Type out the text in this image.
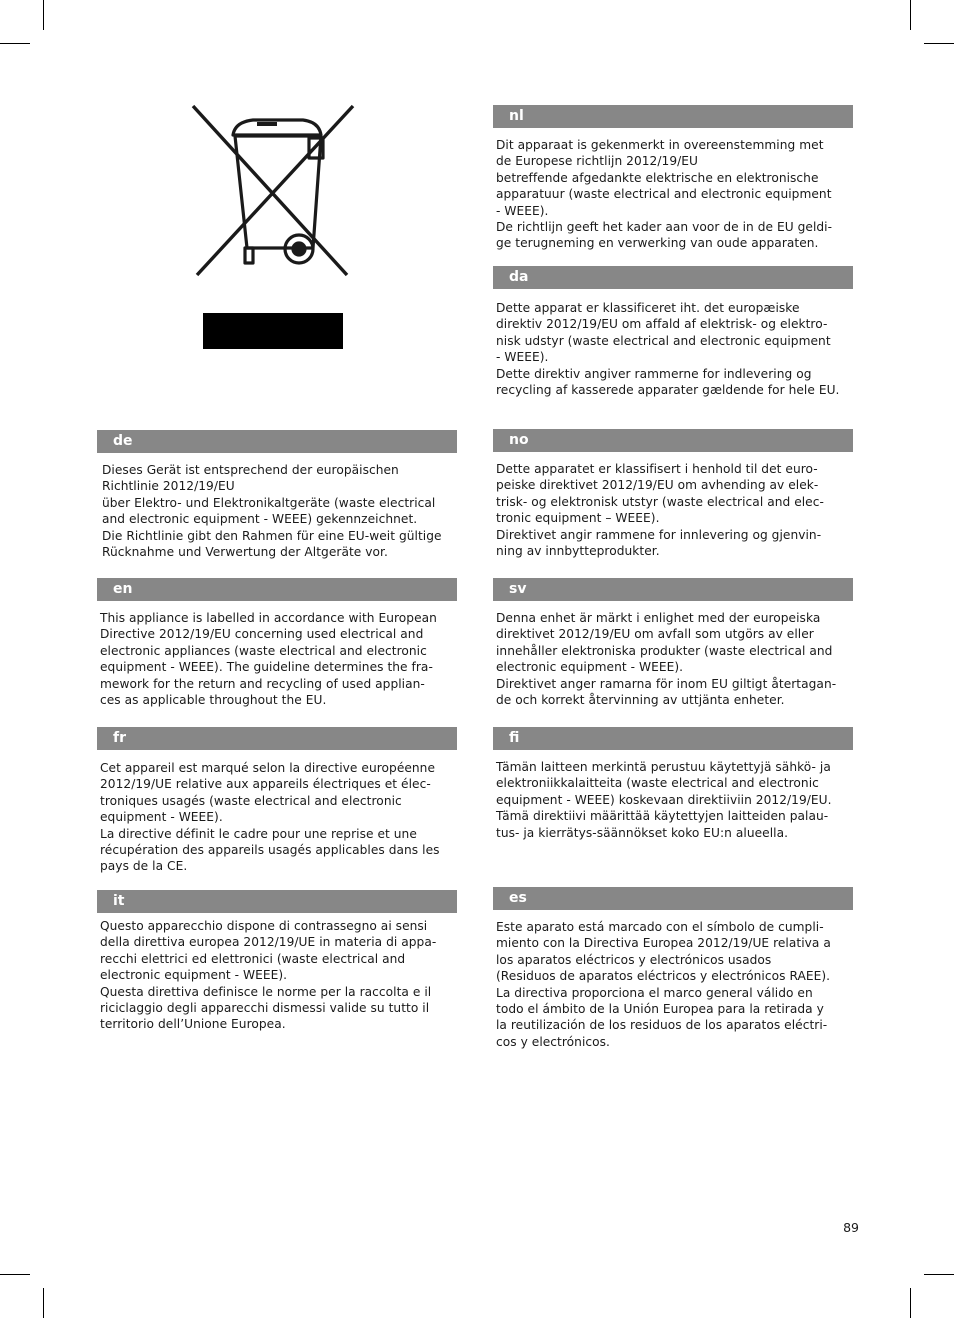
nl

Dit apparaat is gekenmerkt in overeenstemming met

de Europese richtlijn 2012/19/EU

betreffende afgedankte elektrische en elektronische

apparatuur (waste electrical and electronic equipment

- WEEE).

De richtlijn geeft het kader aan voor de in de EU geldi-

ge terugneming en verwerking van oude apparaten.

da

Dette apparat er klassificeret iht. det europæiske

direktiv 2012/19/EU om affald af elektrisk- og elektro-

nisk udstyr (waste electrical and electronic equipment

- WEEE).

Dette direktiv angiver rammerne for indlevering og

recycling af kasserede apparater gældende for hele EU.

no

Dette apparatet er klassifisert i henhold til det euro-

peiske direktivet 2012/19/EU om avhending av elek-

trisk- og elektronisk utstyr (waste electrical and elec-

tronic equipment – WEEE).

Direktivet angir rammene for innlevering og gjenvin-

ning av innbytteprodukter.

sv

Denna enhet är märkt i enlighet med der europeiska

direktivet 2012/19/EU om avfall som utgörs av eller

innehåller elektroniska produkter (waste electrical and

electronic equipment - WEEE).

Direktivet anger ramarna för inom EU giltigt återtagan-

de och korrekt återvinning av uttjänta enheter.

fi

Tämän laitteen merkintä perustuu käytettyjä sähkö- ja

elektroniikkalaitteita (waste electrical and electronic

equipment - WEEE) koskevaan direktiiviin 2012/19/EU.

Tämä direktiivi määrittää käytettyjen laitteiden palau-

tus- ja kierrätys-säännökset koko EU:n alueella.

es

Este aparato está marcado con el símbolo de cumpli-

miento con la Directiva Europea 2012/19/UE relativa a

los aparatos eléctricos y electrónicos usados

(Residuos de aparatos eléctricos y electrónicos RAEE).

La directiva proporciona el marco general válido en

todo el ámbito de la Unión Europea para la retirada y

la reutilización de los residuos de los aparatos eléctri-

cos y electrónicos.

de

Dieses Gerät ist entsprechend der europäischen

Richtlinie 2012/19/EU

über Elektro- und Elektronikaltgeräte (waste electrical

and electronic equipment - WEEE) gekennzeichnet.

Die Richtlinie gibt den Rahmen für eine EU-weit gültige

Rücknahme und Verwertung der Altgeräte vor.

en

This appliance is labelled in accordance with European

Directive 2012/19/EU concerning used electrical and

electronic appliances (waste electrical and electronic

equipment - WEEE). The guideline determines the fra-

mework for the return and recycling of used applian-

ces as applicable throughout the EU.

fr

Cet appareil est marqué selon la directive européenne

2012/19/UE relative aux appareils électriques et élec-

troniques usagés (waste electrical and electronic

equipment - WEEE).

La directive définit le cadre pour une reprise et une

récupération des appareils usagés applicables dans les

pays de la CE.

it

Questo apparecchio dispone di contrassegno ai sensi

della direttiva europea 2012/19/UE in materia di appa-

recchi elettrici ed elettronici (waste electrical and

electronic equipment - WEEE).

Questa direttiva definisce le norme per la raccolta e il

riciclaggio degli apparecchi dismessi valide su tutto il

territorio dell’Unione Europea.

89
